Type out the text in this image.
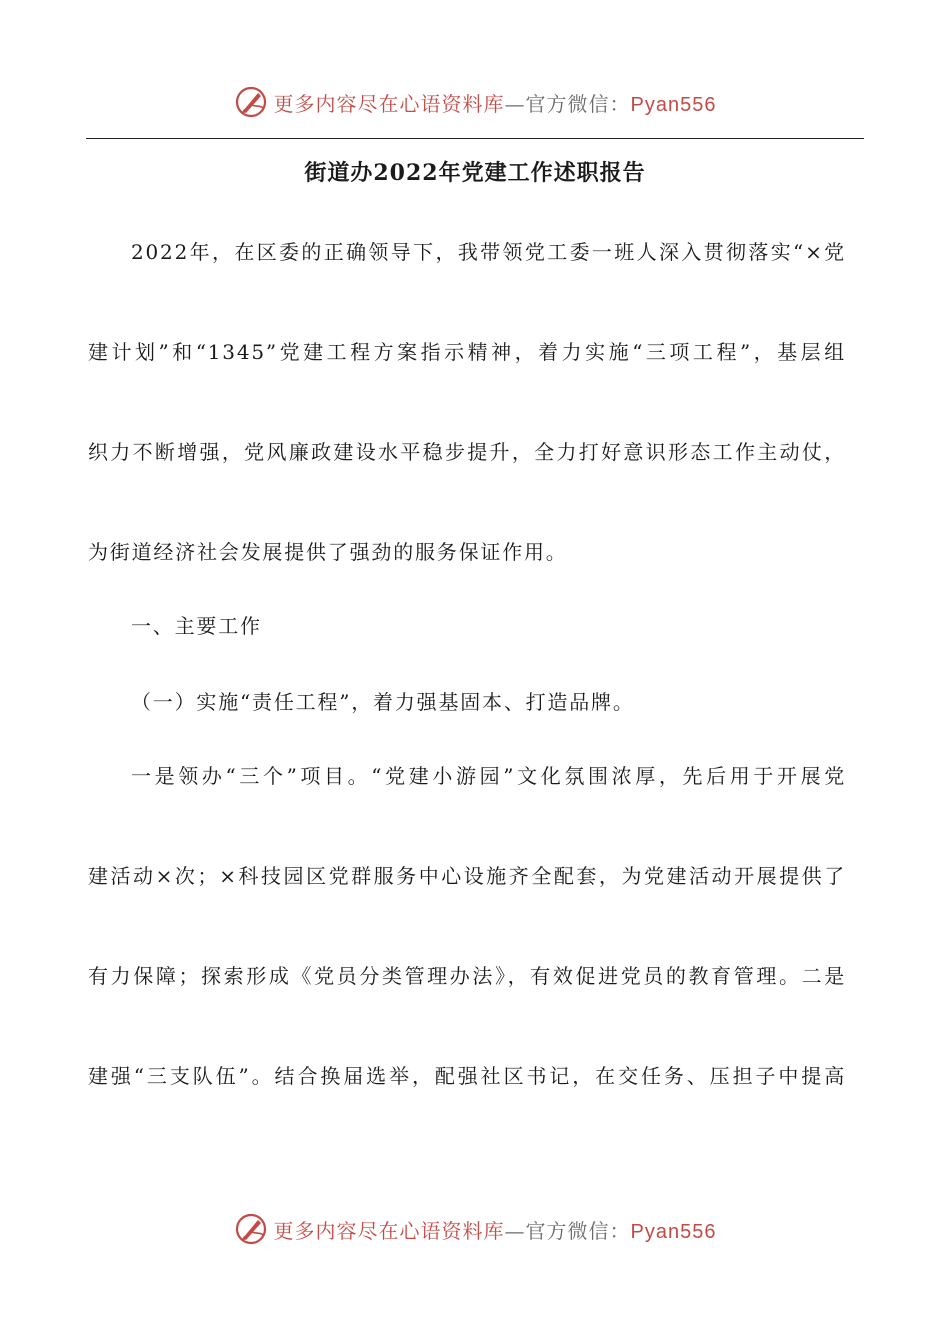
更多内容尽在心语资料库—官方微信：Pyan556
街道办2022年党建工作述职报告
2022年，在区委的正确领导下，我带领党工委一班人深入贯彻落实“×党
建计划”和“1345”党建工程方案指示精神，着力实施“三项工程”，基层组
织力不断增强，党风廉政建设水平稳步提升，全力打好意识形态工作主动仗，
为街道经济社会发展提供了强劲的服务保证作用。
一、主要工作
（一）实施“责任工程”，着力强基固本、打造品牌。
一是领办“三个”项目。“党建小游园”文化氛围浓厚，先后用于开展党
建活动×次；×科技园区党群服务中心设施齐全配套，为党建活动开展提供了
有力保障；探索形成《党员分类管理办法》，有效促进党员的教育管理。二是
建强“三支队伍”。结合换届选举，配强社区书记，在交任务、压担子中提高
更多内容尽在心语资料库—官方微信：Pyan556
